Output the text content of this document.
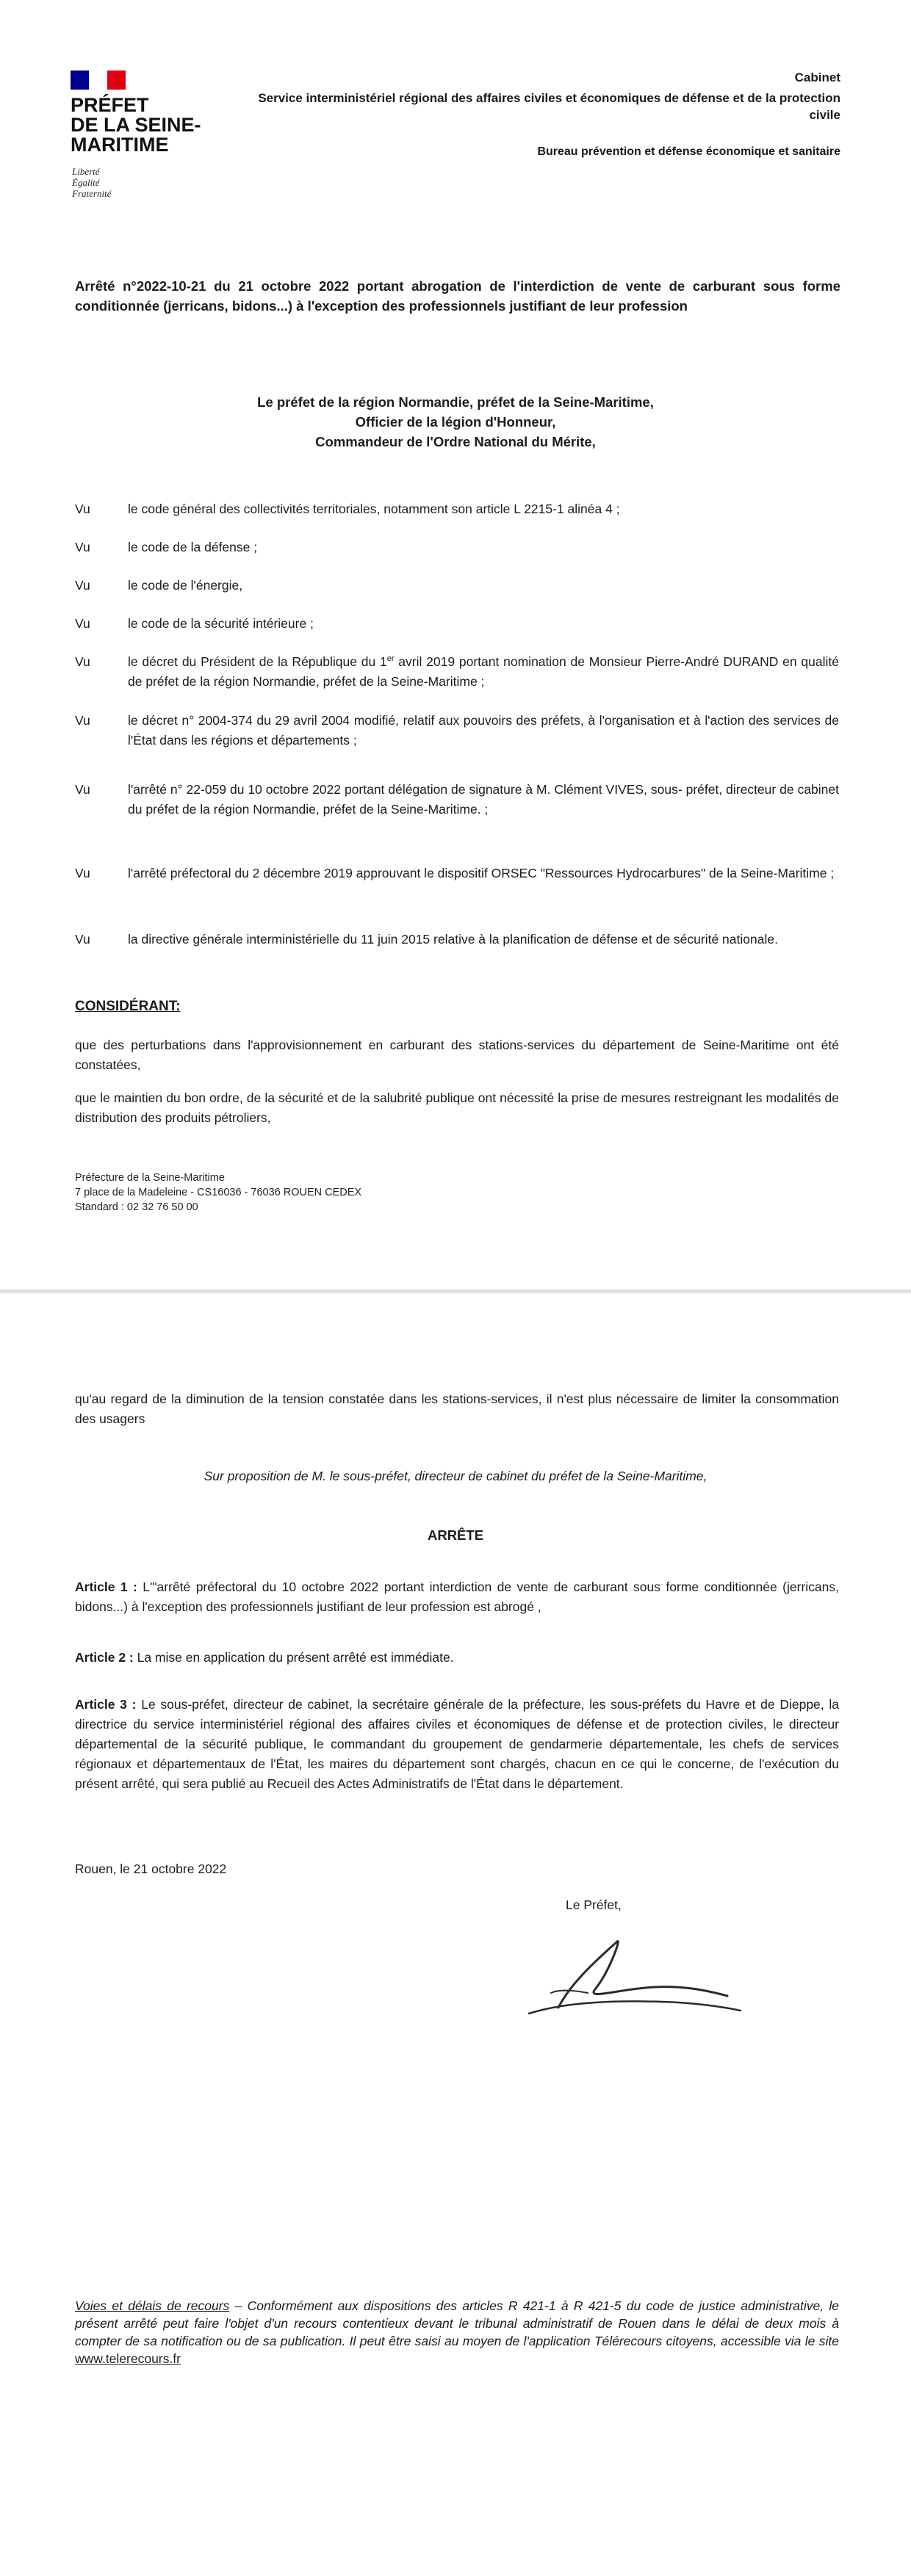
PRÉFET
DE LA SEINE-
MARITIME
Liberté
Égalité
Fraternité
Cabinet
Service interministériel régional des affaires civiles et économiques de défense et de la protection civile
Bureau prévention et défense économique et sanitaire
Arrêté n°2022-10-21 du 21 octobre 2022 portant abrogation de l'interdiction de vente de carburant sous forme conditionnée (jerricans, bidons...) à l'exception des professionnels justifiant de leur profession
Le préfet de la région Normandie, préfet de la Seine-Maritime,
Officier de la légion d'Honneur,
Commandeur de l'Ordre National du Mérite,
Vu	le code général des collectivités territoriales, notamment son article L 2215-1 alinéa 4 ;
Vu	le code de la défense ;
Vu	le code de l'énergie,
Vu	le code de la sécurité intérieure ;
Vu	le décret du Président de la République du 1er avril 2019 portant nomination de Monsieur Pierre-André DURAND en qualité de préfet de la région Normandie, préfet de la Seine-Maritime ;
Vu	le décret n° 2004-374 du 29 avril 2004 modifié, relatif aux pouvoirs des préfets, à l'organisation et à l'action des services de l'État dans les régions et départements ;
Vu	l'arrêté n° 22-059 du 10 octobre 2022 portant délégation de signature à M. Clément VIVES, sous- préfet, directeur de cabinet du préfet de la région Normandie, préfet de la Seine-Maritime. ;
Vu	l'arrêté préfectoral du 2 décembre 2019 approuvant le dispositif ORSEC "Ressources Hydrocarbures" de la Seine-Maritime ;
Vu	la directive générale interministérielle du 11 juin 2015 relative à la planification de défense et de sécurité nationale.
CONSIDÉRANT:
que des perturbations dans l'approvisionnement en carburant des stations-services du département de Seine-Maritime ont été constatées,
que le maintien du bon ordre, de la sécurité et de la salubrité publique ont nécessité la prise de mesures restreignant les modalités de distribution des produits pétroliers,
Préfecture de la Seine-Maritime
7 place de la Madeleine - CS16036 - 76036 ROUEN CEDEX
Standard : 02 32 76 50 00
qu'au regard de la diminution de la tension constatée dans les stations-services, il n'est plus nécessaire de limiter la consommation des usagers
Sur proposition de M. le sous-préfet, directeur de cabinet du préfet de la Seine-Maritime,
ARRÊTE
Article 1 : L'"arrêté préfectoral du 10 octobre 2022 portant interdiction de vente de carburant sous forme conditionnée (jerricans, bidons...) à l'exception des professionnels justifiant de leur profession est abrogé ,
Article 2 : La mise en application du présent arrêté est immédiate.
Article 3 : Le sous-préfet, directeur de cabinet, la secrétaire générale de la préfecture, les sous-préfets du Havre et de Dieppe, la directrice du service interministériel régional des affaires civiles et économiques de défense et de protection civiles, le directeur départemental de la sécurité publique, le commandant du groupement de gendarmerie départementale, les chefs de services régionaux et départementaux de l'État, les maires du département sont chargés, chacun en ce qui le concerne, de l'exécution du présent arrêté, qui sera publié au Recueil des Actes Administratifs de l'État dans le département.
Rouen, le 21 octobre 2022
Le Préfet,
Voies et délais de recours – Conformément aux dispositions des articles R 421-1 à R 421-5 du code de justice administrative, le présent arrêté peut faire l'objet d'un recours contentieux devant le tribunal administratif de Rouen dans le délai de deux mois à compter de sa notification ou de sa publication. Il peut être saisi au moyen de l'application Télérecours citoyens, accessible via le site www.telerecours.fr
